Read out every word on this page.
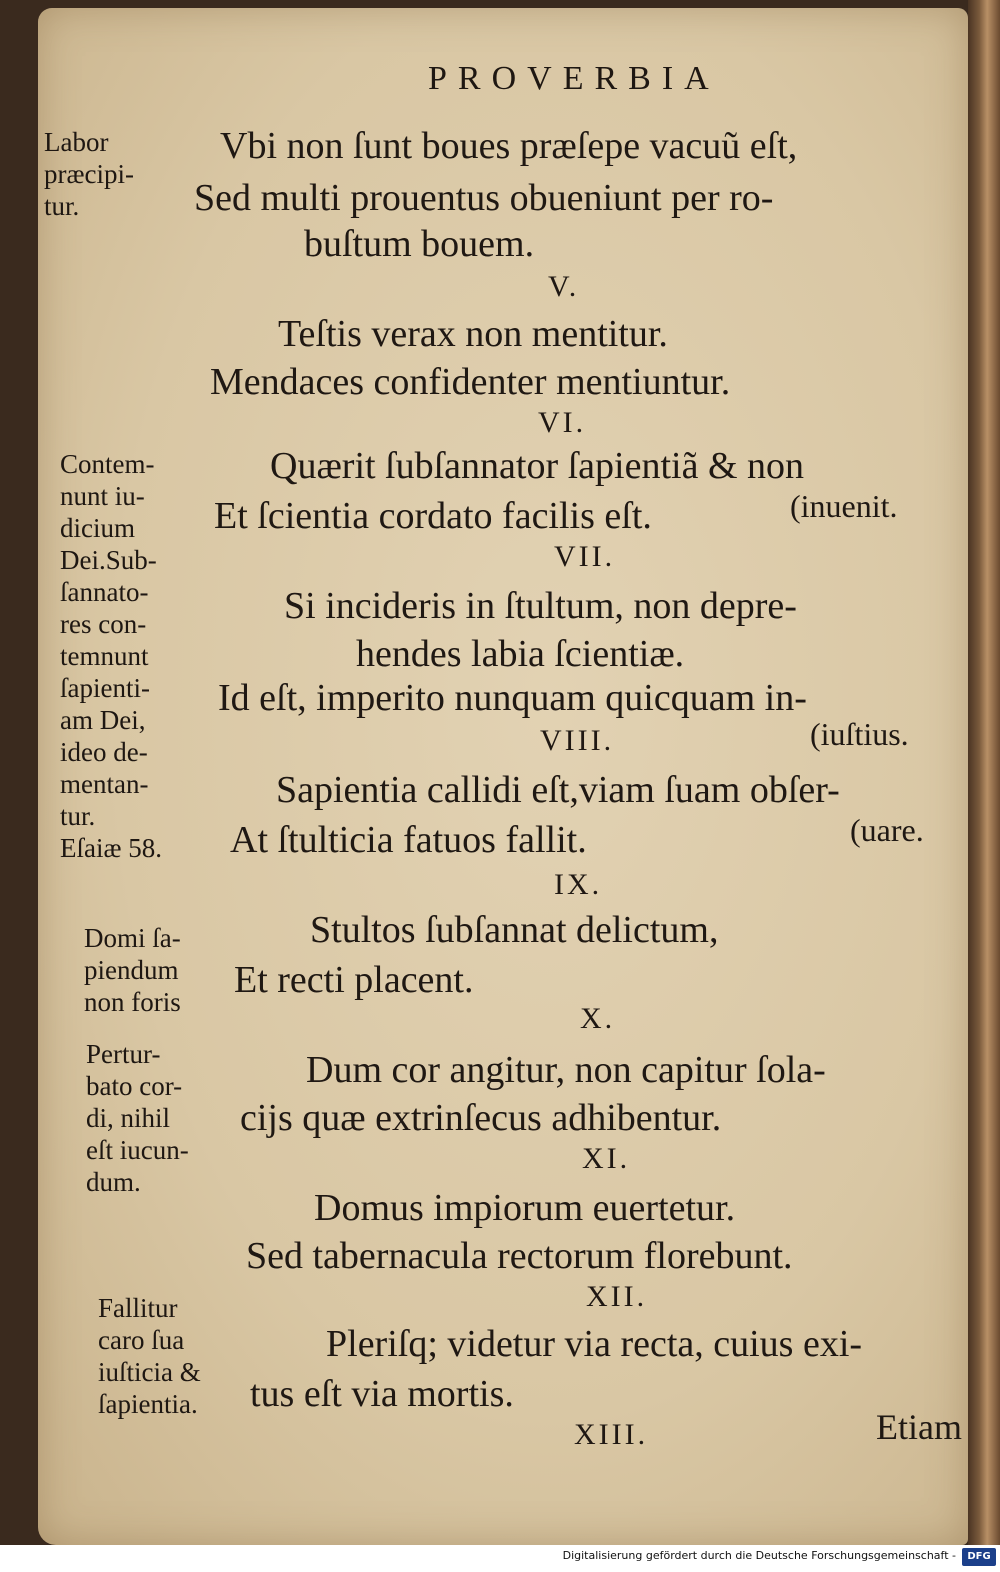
PROVERBIA
Labor
præcipi-
tur.
Contem-
nunt iu-
dicium
Dei.Sub-
ſannato-
res con-
temnunt
ſapienti-
am Dei,
ideo de-
mentan-
tur.
Eſaiæ 58.
Domi ſa-
piendum
non foris
Pertur-
bato cor-
di, nihil
eſt iucun-
dum.
Fallitur
caro ſua
iuſticia &
ſapientia.
Vbi non ſunt boues præſepe vacuũ eſt,
Sed multi prouentus obueniunt per ro-
buſtum bouem.
V.
Teſtis verax non mentitur.
Mendaces confidenter mentiuntur.
VI.
Quærit ſubſannator ſapientiã & non
Et ſcientia cordato facilis eſt.	(inuenit.
VII.
Si incideris in ſtultum, non depre-
hendes labia ſcientiæ.
Id eſt, imperito nunquam quicquam in-
VIII.	(iuſtius.
Sapientia callidi eſt,viam ſuam obſer-
At ſtulticia fatuos fallit.	(uare.
IX.
Stultos ſubſannat delictum,
Et recti placent.
X.
Dum cor angitur, non capitur ſola-
cijs quæ extrinſecus adhibentur.
XI.
Domus impiorum euertetur.
Sed tabernacula rectorum florebunt.
XII.
Pleriſq; videtur via recta, cuius exi-
tus eſt via mortis.
XIII.	Etiam
Digitalisierung gefördert durch die Deutsche Forschungsgemeinschaft -	DFG
